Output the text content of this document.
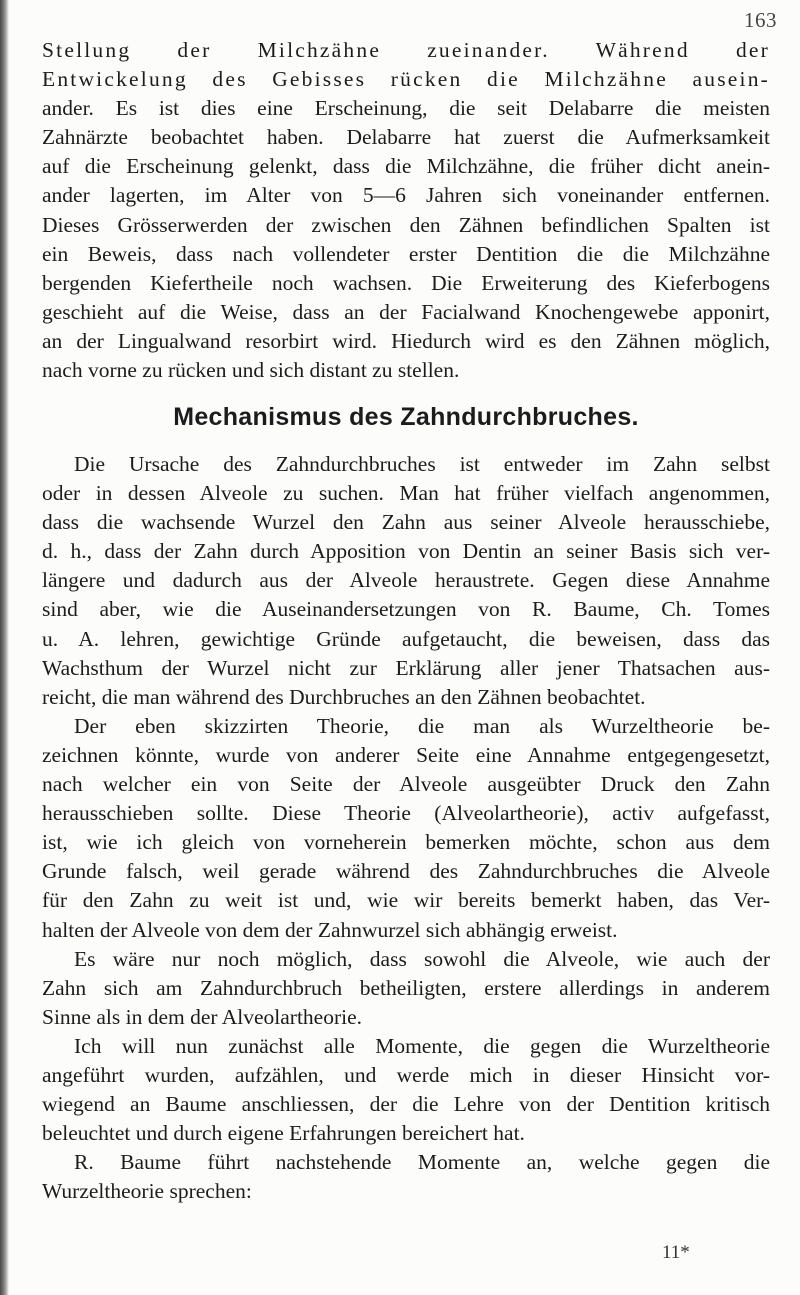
163
Stellung der Milchzähne zueinander. Während der
Entwickelung des Gebisses rücken die Milchzähne ausein-
ander. Es ist dies eine Erscheinung, die seit Delabarre die meisten
Zahnärzte beobachtet haben. Delabarre hat zuerst die Aufmerksamkeit
auf die Erscheinung gelenkt, dass die Milchzähne, die früher dicht anein-
ander lagerten, im Alter von 5—6 Jahren sich voneinander entfernen.
Dieses Grösserwerden der zwischen den Zähnen befindlichen Spalten ist
ein Beweis, dass nach vollendeter erster Dentition die die Milchzähne
bergenden Kiefertheile noch wachsen. Die Erweiterung des Kieferbogens
geschieht auf die Weise, dass an der Facialwand Knochengewebe apponirt,
an der Lingualwand resorbirt wird. Hiedurch wird es den Zähnen möglich,
nach vorne zu rücken und sich distant zu stellen.
Mechanismus des Zahndurchbruches.
Die Ursache des Zahndurchbruches ist entweder im Zahn selbst
oder in dessen Alveole zu suchen. Man hat früher vielfach angenommen,
dass die wachsende Wurzel den Zahn aus seiner Alveole herausschiebe,
d. h., dass der Zahn durch Apposition von Dentin an seiner Basis sich ver-
längere und dadurch aus der Alveole heraustrete. Gegen diese Annahme
sind aber, wie die Auseinandersetzungen von R. Baume, Ch. Tomes
u. A. lehren, gewichtige Gründe aufgetaucht, die beweisen, dass das
Wachsthum der Wurzel nicht zur Erklärung aller jener Thatsachen aus-
reicht, die man während des Durchbruches an den Zähnen beobachtet.
Der eben skizzirten Theorie, die man als Wurzeltheorie be-
zeichnen könnte, wurde von anderer Seite eine Annahme entgegengesetzt,
nach welcher ein von Seite der Alveole ausgeübter Druck den Zahn
herausschieben sollte. Diese Theorie (Alveolartheorie), activ aufgefasst,
ist, wie ich gleich von vorneherein bemerken möchte, schon aus dem
Grunde falsch, weil gerade während des Zahndurchbruches die Alveole
für den Zahn zu weit ist und, wie wir bereits bemerkt haben, das Ver-
halten der Alveole von dem der Zahnwurzel sich abhängig erweist.
Es wäre nur noch möglich, dass sowohl die Alveole, wie auch der
Zahn sich am Zahndurchbruch betheiligten, erstere allerdings in anderem
Sinne als in dem der Alveolartheorie.
Ich will nun zunächst alle Momente, die gegen die Wurzeltheorie
angeführt wurden, aufzählen, und werde mich in dieser Hinsicht vor-
wiegend an Baume anschliessen, der die Lehre von der Dentition kritisch
beleuchtet und durch eigene Erfahrungen bereichert hat.
R. Baume führt nachstehende Momente an, welche gegen die
Wurzeltheorie sprechen:
11*
